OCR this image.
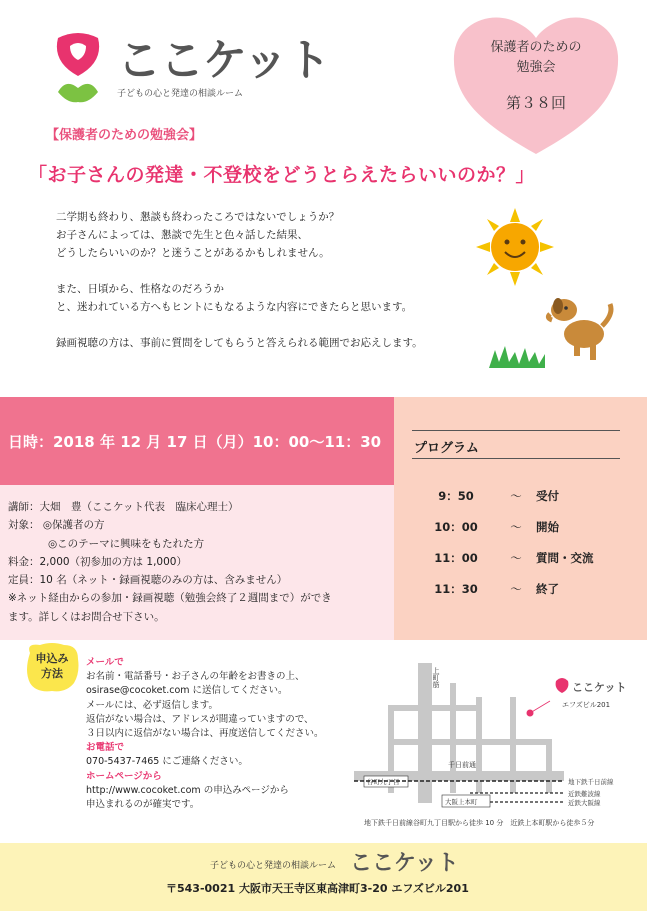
ここケット
子どもの心と発達の相談ルーム
保護者のための
勉強会
第３８回
【保護者のための勉強会】
「お子さんの発達・不登校をどうとらえたらいいのか？」

二学期も終わり、懇談も終わったころではないでしょうか？
お子さんによっては、懇談で先生と色々話した結果、
どうしたらいいのか？と迷うことがあるかもしれません。

また、日頃から、性格なのだろうか
と、迷われている方へもヒントにもなるような内容にできたらと思います。

録画視聴の方は、事前に質問をしてもらうと答えられる範囲でお応えします。

日時：2018 年 12 月 17 日（月）10：00～11：30
講師：大畑　豊（ここケット代表　臨床心理士）
対象： ◎保護者の方
◎このテーマに興味をもたれた方
料金：2,000（初参加の方は 1,000）
定員：10 名（ネット・録画視聴のみの方は、含みません）
※ネット経由からの参加・録画視聴（勉強会終了２週間まで）ができ
ます。詳しくはお問合せ下さい。
プログラム
9：50	～	受付
10：00	～	開始
11：00	～	質問・交流
11：30	～	終了
申込み
方法
メールで
お名前・電話番号・お子さんの年齢をお書きの上、
osirase@cocoket.com に送信してください。
メールには、必ず返信します。
返信がない場合は、アドレスが間違っていますので、
３日以内に返信がない場合は、再度送信してください。
お電話で
070-5437-7465 にご連絡ください。
ホームページから
http://www.cocoket.com の申込みページから
申込まれるのが確実です。
上町筋	ここケット
エフズビル201
千日前通
谷町九丁目	地下鉄千日前線
近鉄難波線
近鉄大阪線
大阪上本町
地下鉄千日前線谷町九丁目駅から徒歩 10 分　近鉄上本町駅から徒歩５分
子どもの心と発達の相談ルーム ここケット
〒543-0021 大阪市天王寺区東高津町3-20 エフズビル201
